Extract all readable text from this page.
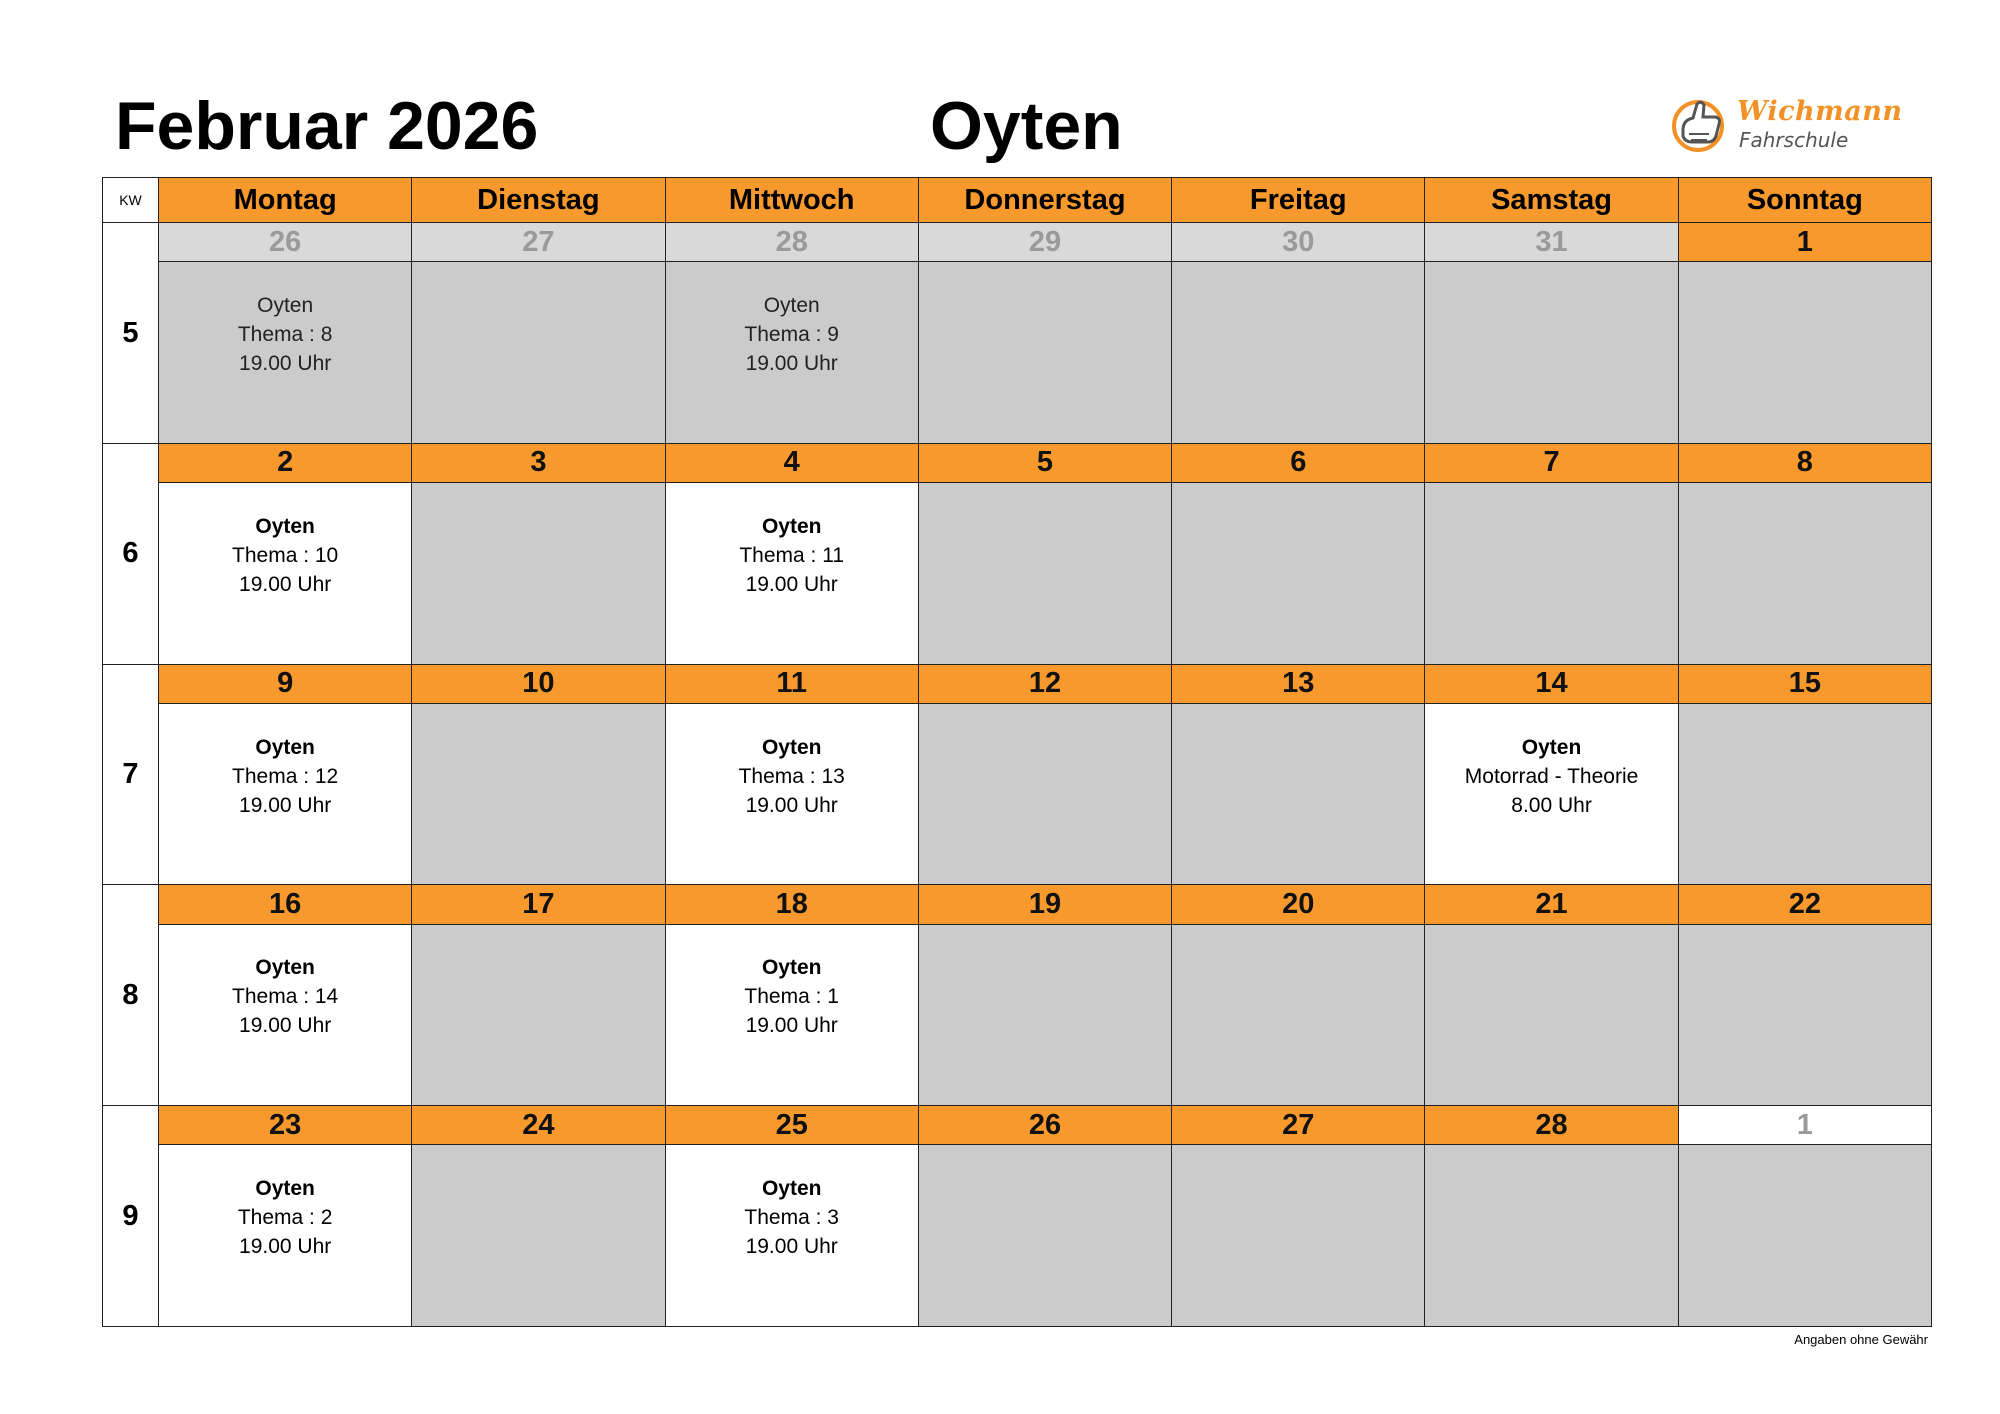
Februar 2026	Oyten	Wichmann
Fahrschule
KW	Montag	Dienstag	Mittwoch	Donnerstag	Freitag	Samstag	Sonntag
5	26	27	28	29	30	31	1

	Oyten
Thema : 8
19.00 Uhr		Oyten
Thema : 9
19.00 Uhr				

6	2	3	4	5	6	7	8

	Oyten
Thema : 10
19.00 Uhr		Oyten
Thema : 11
19.00 Uhr				

7	9	10	11	12	13	14	15

	Oyten
Thema : 12
19.00 Uhr		Oyten
Thema : 13
19.00 Uhr			Oyten
Motorrad - Theorie
8.00 Uhr	

8	16	17	18	19	20	21	22

	Oyten
Thema : 14
19.00 Uhr		Oyten
Thema : 1
19.00 Uhr				

9	23	24	25	26	27	28	1

	Oyten
Thema : 2
19.00 Uhr		Oyten
Thema : 3
19.00 Uhr				

Angaben ohne Gewähr
